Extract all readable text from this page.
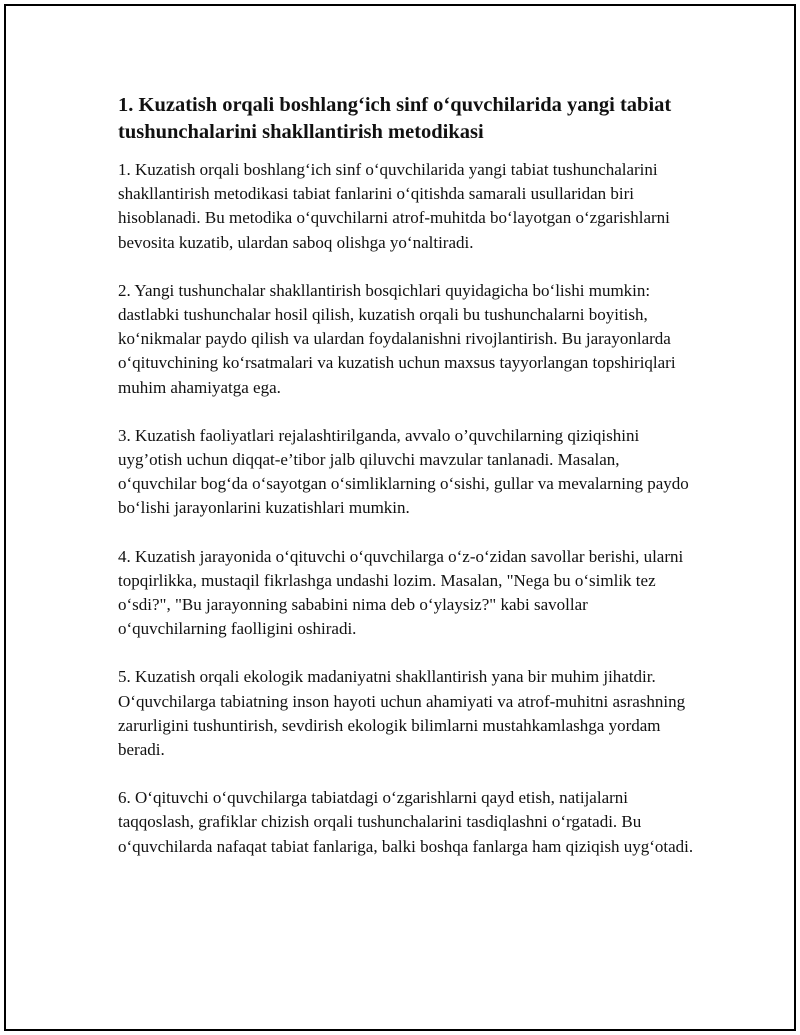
1. Kuzatish orqali boshlang‘ich sinf o‘quvchilarida yangi tabiat tushunchalarini shakllantirish metodikasi

1. Kuzatish orqali boshlang‘ich sinf o‘quvchilarida yangi tabiat tushunchalarini shakllantirish metodikasi tabiat fanlarini o‘qitishda samarali usullaridan biri hisoblanadi. Bu metodika o‘quvchilarni atrof-muhitda bo‘layotgan o‘zgarishlarni bevosita kuzatib, ulardan saboq olishga yo‘naltiradi.

2. Yangi tushunchalar shakllantirish bosqichlari quyidagicha bo‘lishi mumkin: dastlabki tushunchalar hosil qilish, kuzatish orqali bu tushunchalarni boyitish, ko‘nikmalar paydo qilish va ulardan foydalanishni rivojlantirish. Bu jarayonlarda o‘qituvchining ko‘rsatmalari va kuzatish uchun maxsus tayyorlangan topshiriqlari muhim ahamiyatga ega.

3. Kuzatish faoliyatlari rejalashtirilganda, avvalo o’quvchilarning qiziqishini uyg’otish uchun diqqat-e’tibor jalb qiluvchi mavzular tanlanadi. Masalan, o‘quvchilar bog‘da o‘sayotgan o‘simliklarning o‘sishi, gullar va mevalarning paydo bo‘lishi jarayonlarini kuzatishlari mumkin.

4. Kuzatish jarayonida o‘qituvchi o‘quvchilarga o‘z-o‘zidan savollar berishi, ularni topqirlikka, mustaqil fikrlashga undashi lozim. Masalan, "Nega bu o‘simlik tez o‘sdi?", "Bu jarayonning sababini nima deb o‘ylaysiz?" kabi savollar o‘quvchilarning faolligini oshiradi.

5. Kuzatish orqali ekologik madaniyatni shakllantirish yana bir muhim jihatdir. O‘quvchilarga tabiatning inson hayoti uchun ahamiyati va atrof-muhitni asrashning zarurligini tushuntirish, sevdirish ekologik bilimlarni mustahkamlashga yordam beradi.

6. O‘qituvchi o‘quvchilarga tabiatdagi o‘zgarishlarni qayd etish, natijalarni taqqoslash, grafiklar chizish orqali tushunchalarini tasdiqlashni o‘rgatadi. Bu o‘quvchilarda nafaqat tabiat fanlariga, balki boshqa fanlarga ham qiziqish uyg‘otadi.
